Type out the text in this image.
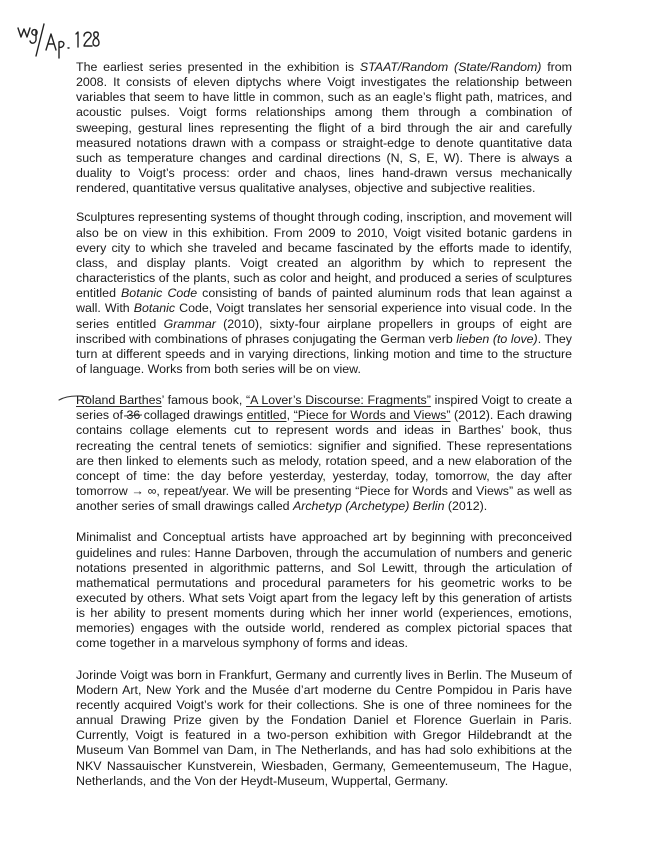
The earliest series presented in the exhibition is STAAT/Random (State/Random) from 2008. It consists of eleven diptychs where Voigt investigates the relationship between variables that seem to have little in common, such as an eagle’s flight path, matrices, and acoustic pulses. Voigt forms relationships among them through a combination of sweeping, gestural lines representing the flight of a bird through the air and carefully measured notations drawn with a compass or straight-edge to denote quantitative data such as temperature changes and cardinal directions (N, S, E, W). There is always a duality to Voigt’s process: order and chaos, lines hand-drawn versus mechanically rendered, quantitative versus qualitative analyses, objective and subjective realities.

Sculptures representing systems of thought through coding, inscription, and movement will also be on view in this exhibition. From 2009 to 2010, Voigt visited botanic gardens in every city to which she traveled and became fascinated by the efforts made to identify, class, and display plants. Voigt created an algorithm by which to represent the characteristics of the plants, such as color and height, and produced a series of sculptures entitled Botanic Code consisting of bands of painted aluminum rods that lean against a wall. With Botanic Code, Voigt translates her sensorial experience into visual code. In the series entitled Grammar (2010), sixty-four airplane propellers in groups of eight are inscribed with combinations of phrases conjugating the German verb lieben (to love). They turn at different speeds and in varying directions, linking motion and time to the structure of language. Works from both series will be on view.

Roland Barthes’ famous book, “A Lover’s Discourse: Fragments” inspired Voigt to create a series of 36 collaged drawings entitled, “Piece for Words and Views” (2012). Each drawing contains collage elements cut to represent words and ideas in Barthes’ book, thus recreating the central tenets of semiotics: signifier and signified. These representations are then linked to elements such as melody, rotation speed, and a new elaboration of the concept of time: the day before yesterday, yesterday, today, tomorrow, the day after tomorrow → ∞, repeat/year. We will be presenting “Piece for Words and Views” as well as another series of small drawings called Archetyp (Archetype) Berlin (2012).

Minimalist and Conceptual artists have approached art by beginning with preconceived guidelines and rules: Hanne Darboven, through the accumulation of numbers and generic notations presented in algorithmic patterns, and Sol Lewitt, through the articulation of mathematical permutations and procedural parameters for his geometric works to be executed by others. What sets Voigt apart from the legacy left by this generation of artists is her ability to present moments during which her inner world (experiences, emotions, memories) engages with the outside world, rendered as complex pictorial spaces that come together in a marvelous symphony of forms and ideas.

Jorinde Voigt was born in Frankfurt, Germany and currently lives in Berlin. The Museum of Modern Art, New York and the Musée d’art moderne du Centre Pompidou in Paris have recently acquired Voigt’s work for their collections. She is one of three nominees for the annual Drawing Prize given by the Fondation Daniel et Florence Guerlain in Paris. Currently, Voigt is featured in a two-person exhibition with Gregor Hildebrandt at the Museum Van Bommel van Dam, in The Netherlands, and has had solo exhibitions at the NKV Nassauischer Kunstverein, Wiesbaden, Germany, Gemeentemuseum, The Hague, Netherlands, and the Von der Heydt-Museum, Wuppertal, Germany.
